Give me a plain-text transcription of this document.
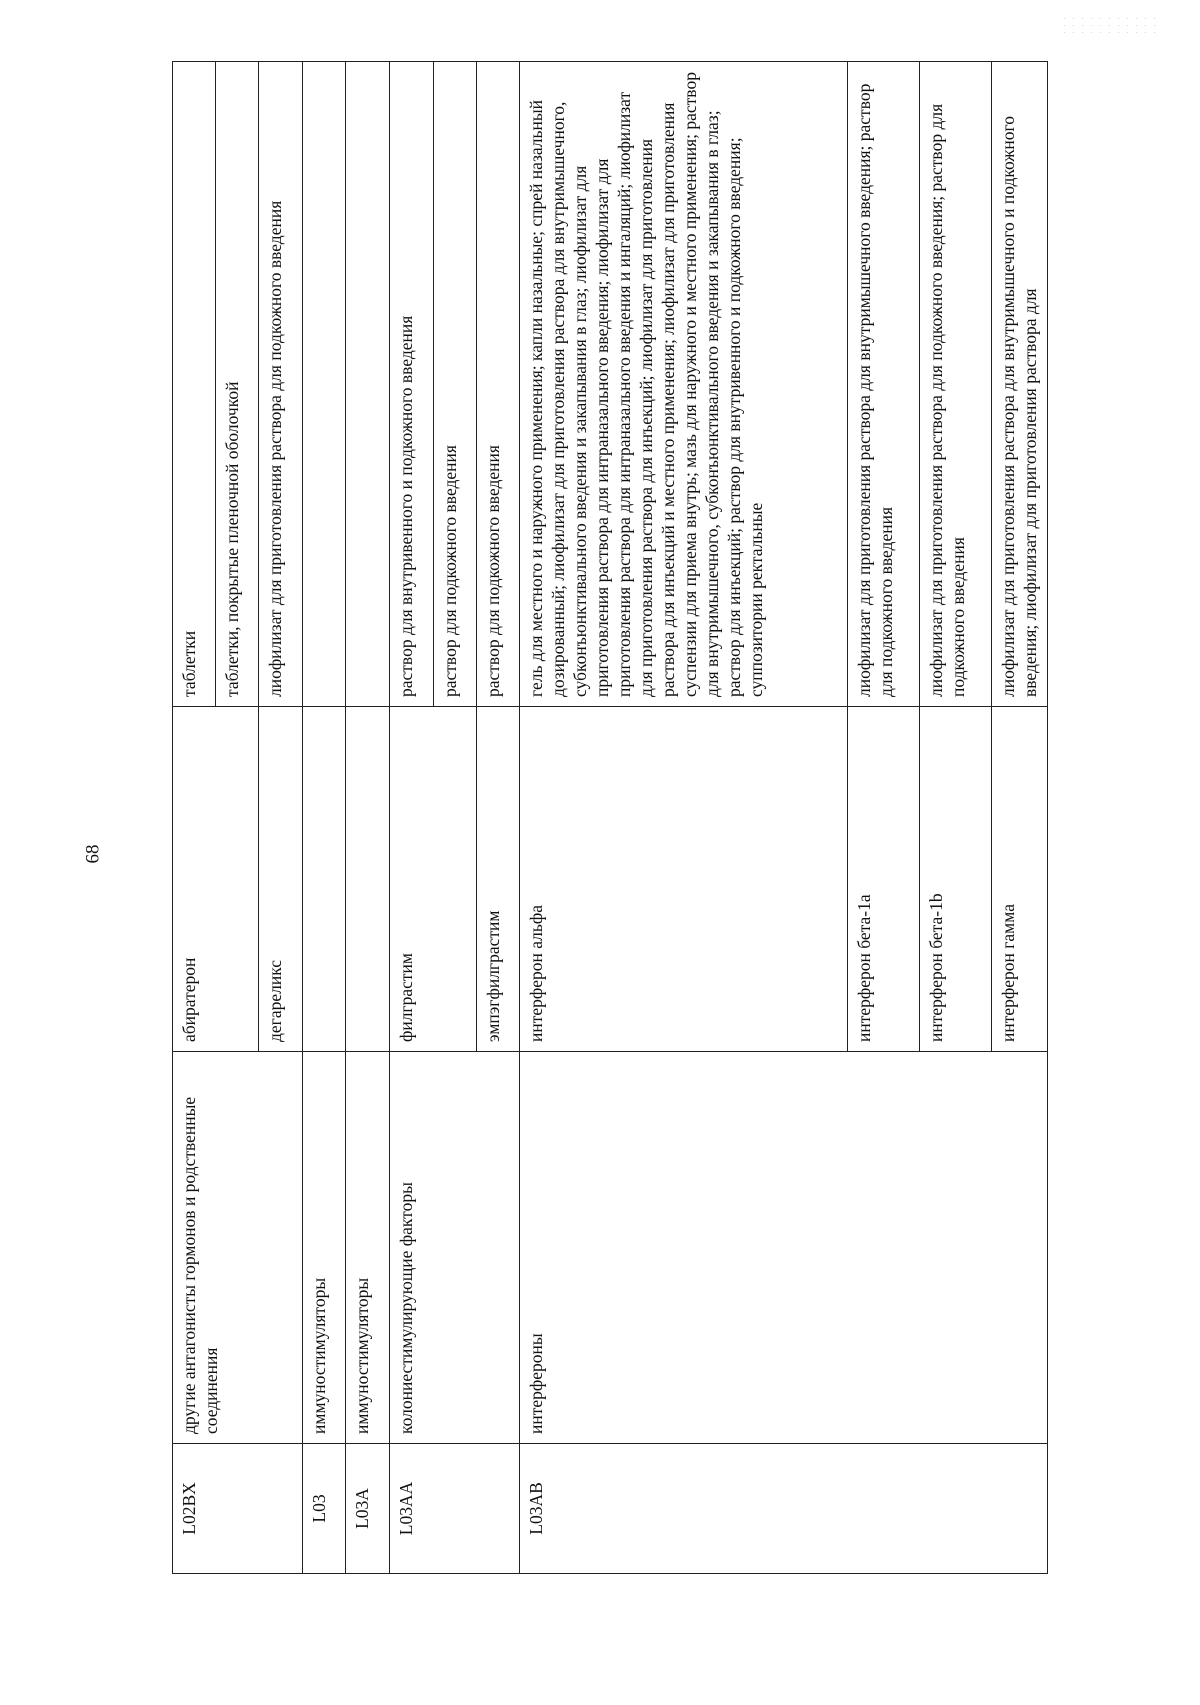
68
L02BX	другие антагонисты гормонов и родственные соединения	абиратерон	таблетки
			таблетки, покрытые пленочной оболочкой
		дегареликс	лиофилизат для приготовления раствора для подкожного введения
L03	иммуностимуляторы		
L03A	иммуностимуляторы		
L03AA	колониестимулирующие факторы	филграстим	раствор для внутривенного и подкожного введения
			раствор для подкожного введения
		эмпэгфилграстим	раствор для подкожного введения
L03AB	интерфероны	интерферон альфа	гель для местного и наружного применения; капли назальные; спрей назальный дозированный; лиофилизат для приготовления раствора для внутримышечного, субконъюнктивального введения и закапывания в глаз; лиофилизат для приготовления раствора для интраназального введения; лиофилизат для приготовления раствора для интраназального введения и ингаляций; лиофилизат для приготовления раствора для инъекций; лиофилизат для приготовления раствора для инъекций и местного применения; лиофилизат для приготовления суспензии для приема внутрь; мазь для наружного и местного применения; раствор для внутримышечного, субконъюнктивального введения и закапывания в глаз; раствор для инъекций; раствор для внутривенного и подкожного введения; суппозитории ректальные
		интерферон бета-1a	лиофилизат для приготовления раствора для внутримышечного введения; раствор для подкожного введения
		интерферон бета-1b	лиофилизат для приготовления раствора для подкожного введения; раствор для подкожного введения
		интерферон гамма	лиофилизат для приготовления раствора для внутримышечного и подкожного введения; лиофилизат для приготовления раствора для
